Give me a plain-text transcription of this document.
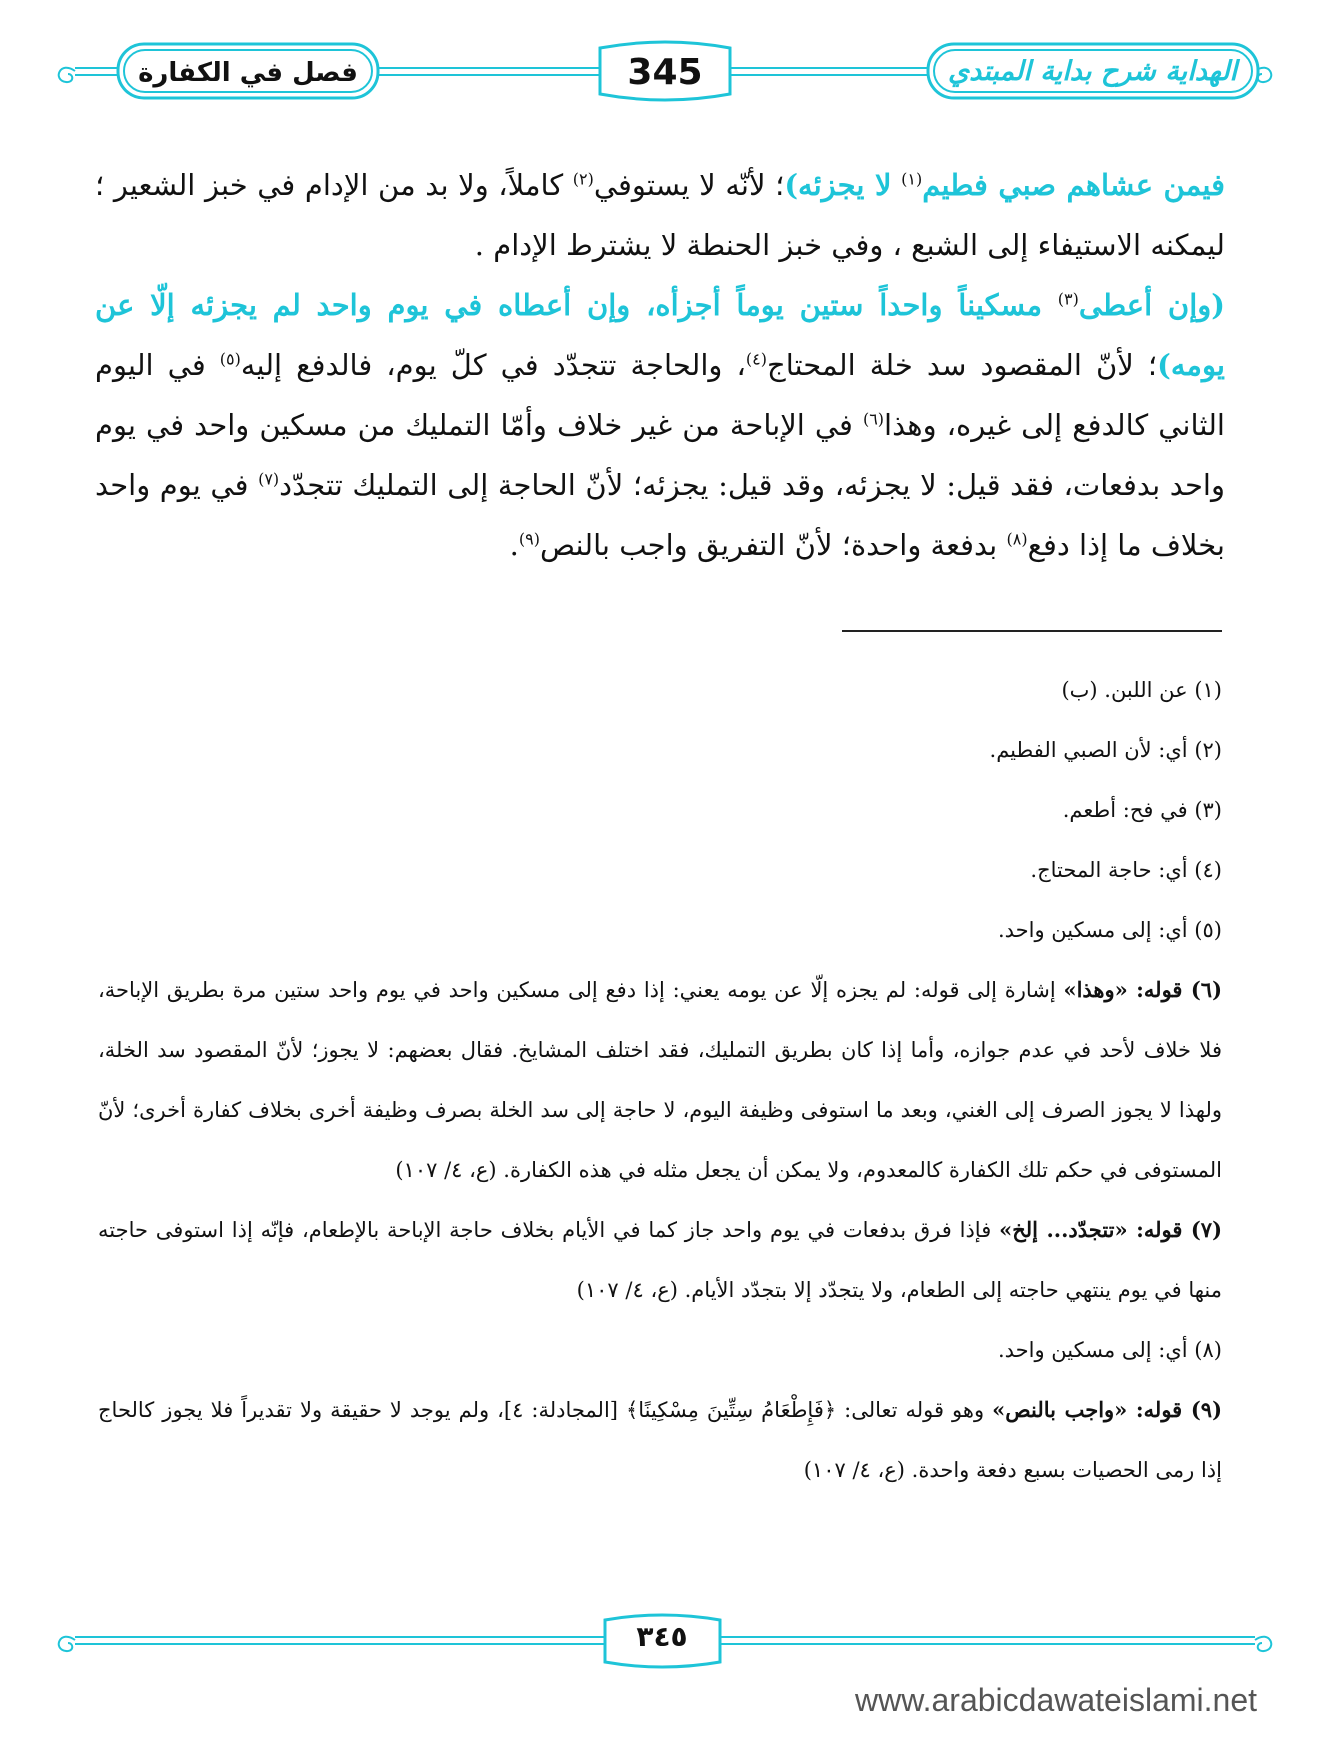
فصل في الكفارة	345	الهداية شرح بداية المبتدي

فيمن عشاهم صبي فطيم$^{(١)}$ لا يجزئه)؛ لأنّه لا يستوفي$^{(٢)}$ كاملاً، ولا بد من الإدام في خبز الشعير ؛ ليمكنه الاستيفاء إلى الشبع ، وفي خبز الحنطة لا يشترط الإدام .

(وإن أعطى$^{(٣)}$ مسكيناً واحداً ستين يوماً أجزأه، وإن أعطاه في يوم واحد لم يجزئه إلّا عن يومه)؛ لأنّ المقصود سد خلة المحتاج$^{(٤)}$، والحاجة تتجدّد في كلّ يوم، فالدفع إليه$^{(٥)}$ في اليوم الثاني كالدفع إلى غيره، وهذا$^{(٦)}$ في الإباحة من غير خلاف وأمّا التمليك من مسكين واحد في يوم واحد بدفعات، فقد قيل: لا يجزئه، وقد قيل: يجزئه؛ لأنّ الحاجة إلى التمليك تتجدّد$^{(٧)}$ في يوم واحد بخلاف ما إذا دفع$^{(٨)}$ بدفعة واحدة؛ لأنّ التفريق واجب بالنص$^{(٩)}$.

(١) عن اللبن. (ب)

(٢) أي: لأن الصبي الفطيم.

(٣) في فح: أطعم.

(٤) أي: حاجة المحتاج.

(٥) أي: إلى مسكين واحد.

(٦) قوله: «وهذا» إشارة إلى قوله: لم يجزه إلّا عن يومه يعني: إذا دفع إلى مسكين واحد في يوم واحد ستين مرة بطريق الإباحة، فلا خلاف لأحد في عدم جوازه، وأما إذا كان بطريق التمليك، فقد اختلف المشايخ. فقال بعضهم: لا يجوز؛ لأنّ المقصود سد الخلة، ولهذا لا يجوز الصرف إلى الغني، وبعد ما استوفى وظيفة اليوم، لا حاجة إلى سد الخلة بصرف وظيفة أخرى بخلاف كفارة أخرى؛ لأنّ المستوفى في حكم تلك الكفارة كالمعدوم، ولا يمكن أن يجعل مثله في هذه الكفارة. (ع، ٤/ ١٠٧)

(٧) قوله: «تتجدّد... إلخ» فإذا فرق بدفعات في يوم واحد جاز كما في الأيام بخلاف حاجة الإباحة بالإطعام، فإنّه إذا استوفى حاجته منها في يوم ينتهي حاجته إلى الطعام، ولا يتجدّد إلا بتجدّد الأيام. (ع، ٤/ ١٠٧)

(٨) أي: إلى مسكين واحد.

(٩) قوله: «واجب بالنص» وهو قوله تعالى: ﴿فَإِطْعَامُ سِتِّينَ مِسْكِينًا﴾ [المجادلة: ٤]، ولم يوجد لا حقيقة ولا تقديراً فلا يجوز كالحاج إذا رمى الحصيات بسبع دفعة واحدة. (ع، ٤/ ١٠٧)

٣٤٥
www.arabicdawateislami.net
